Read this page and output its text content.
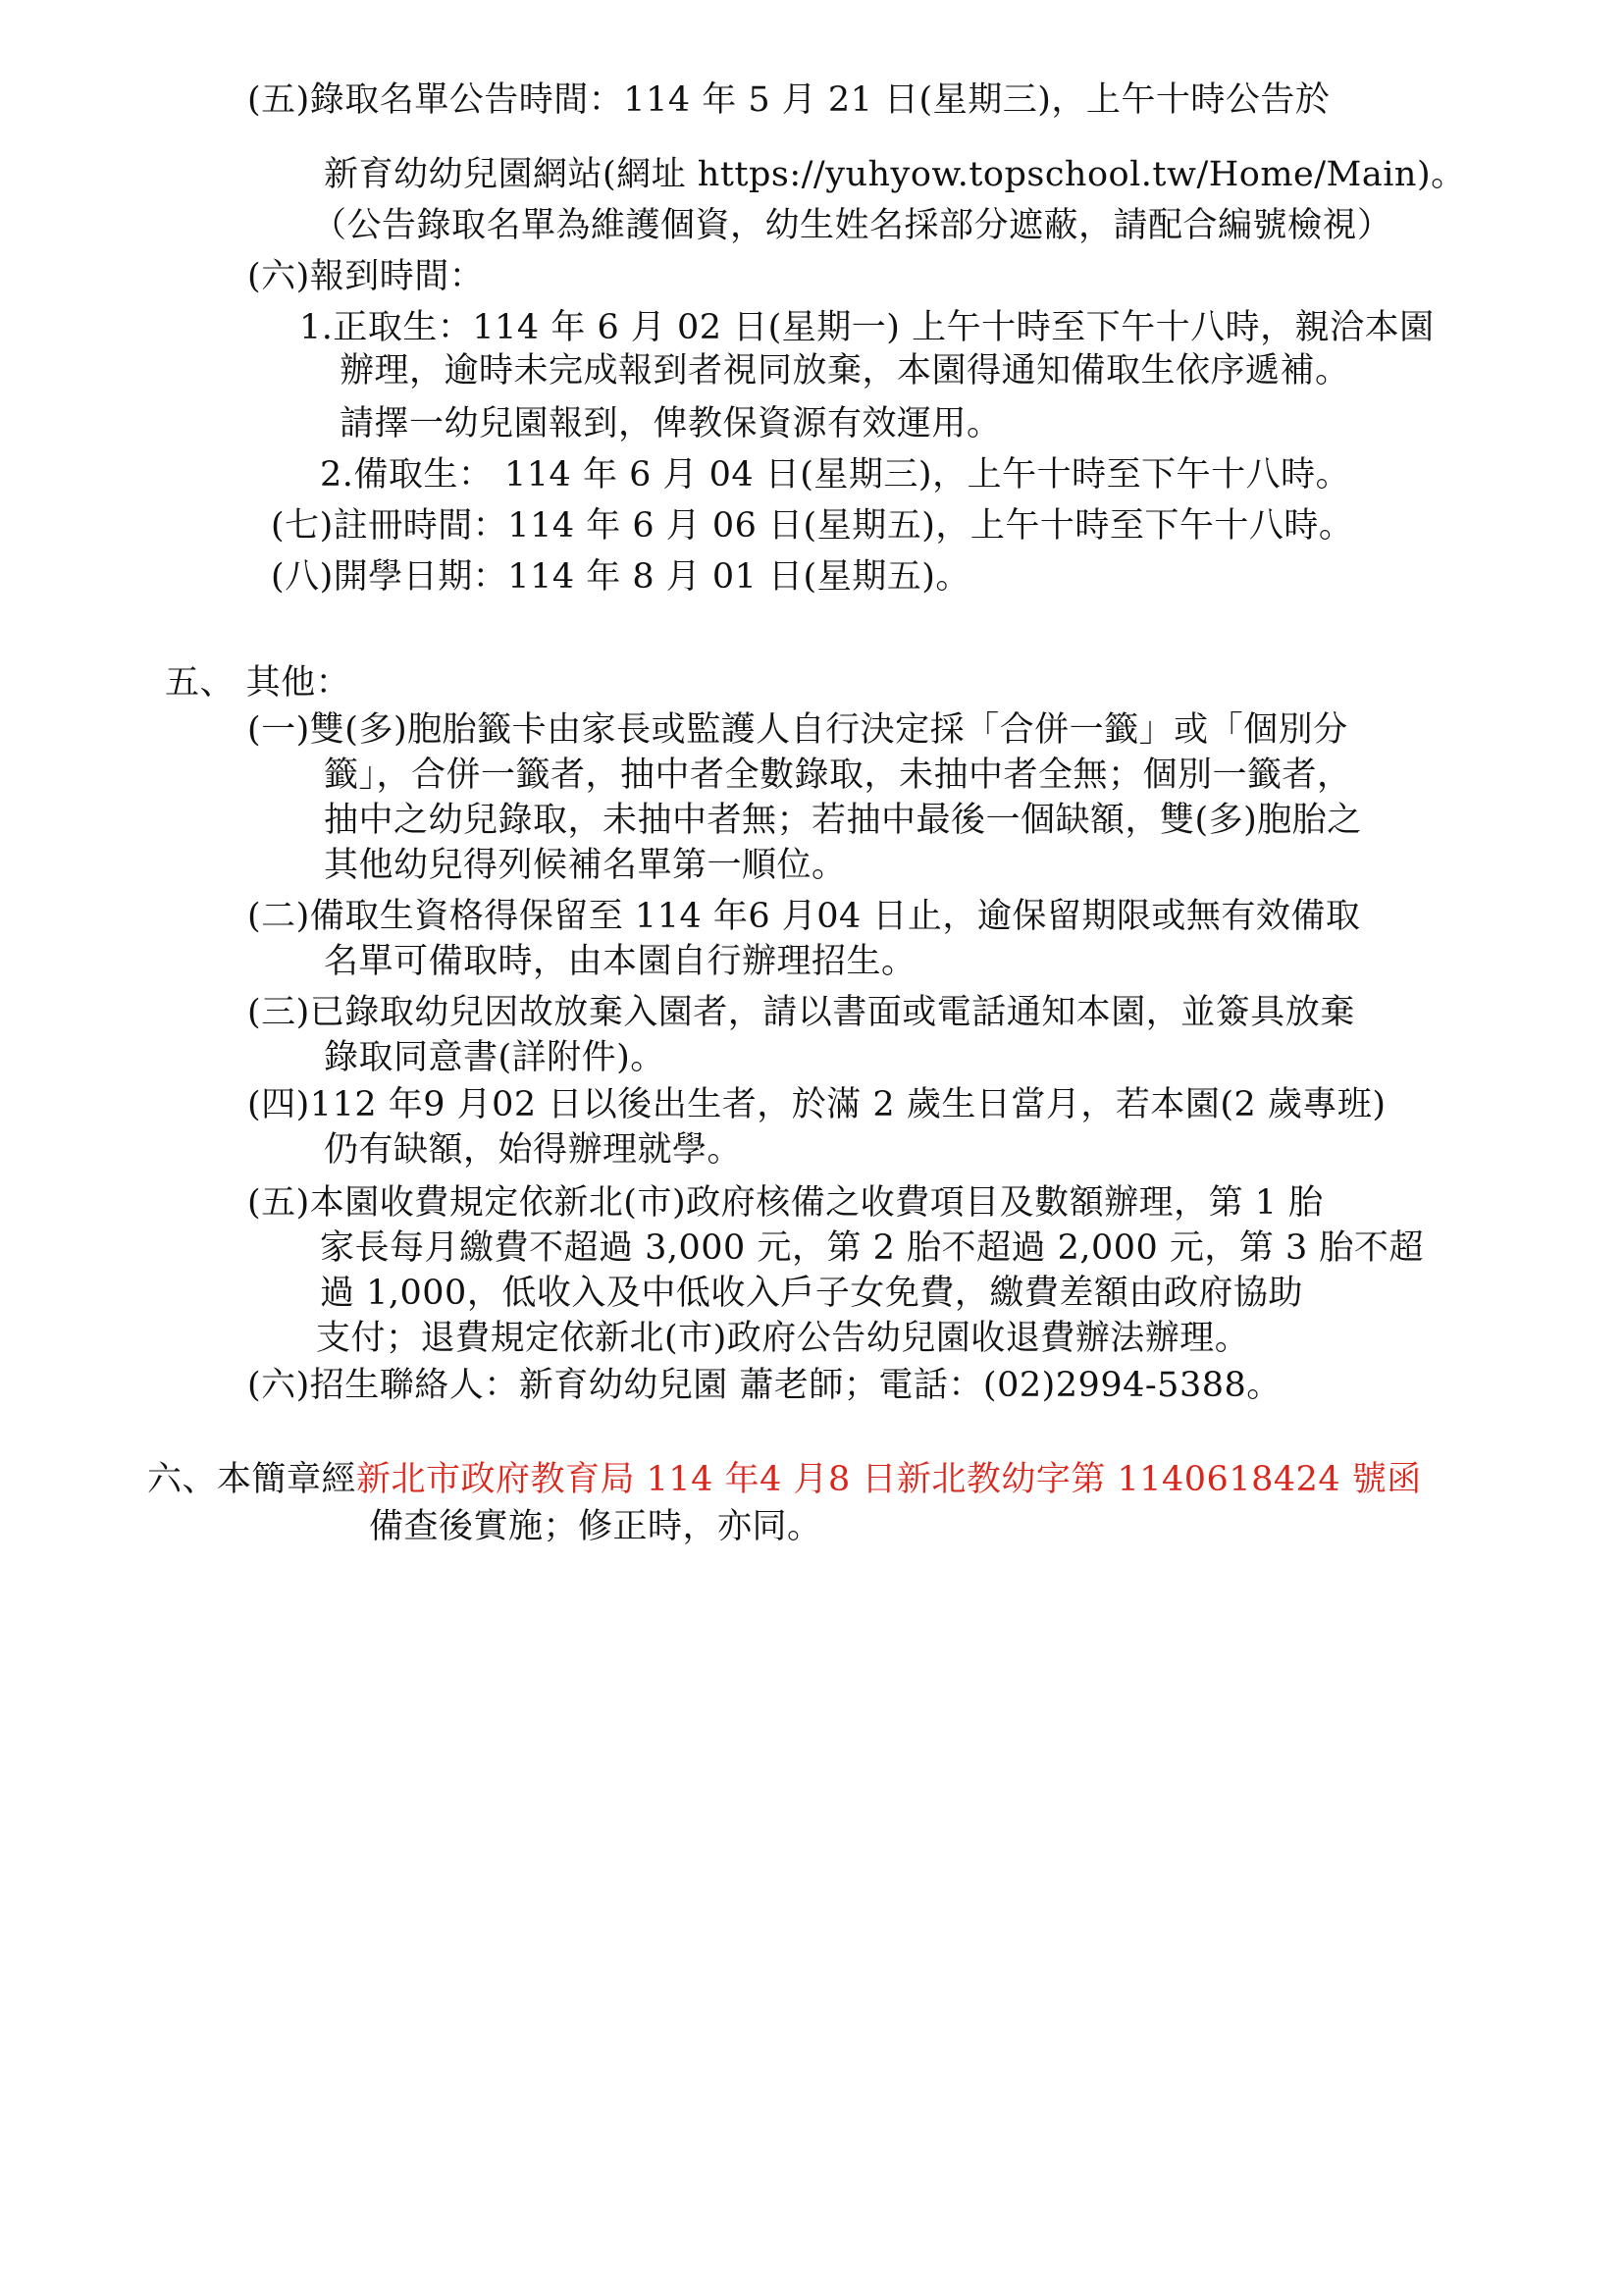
(五)錄取名單公告時間：114 年 5 月 21 日(星期三)，上午十時公告於
新育幼幼兒園網站(網址 https://yuhyow.topschool.tw/Home/Main)。
（公告錄取名單為維護個資，幼生姓名採部分遮蔽，請配合編號檢視）
(六)報到時間：
1.正取生：114 年 6 月 02 日(星期一) 上午十時至下午十八時，親洽本園
辦理，逾時未完成報到者視同放棄，本園得通知備取生依序遞補。
請擇一幼兒園報到，俾教保資源有效運用。
2.備取生： 114 年 6 月 04 日(星期三)，上午十時至下午十八時。
(七)註冊時間：114 年 6 月 06 日(星期五)，上午十時至下午十八時。
(八)開學日期：114 年 8 月 01 日(星期五)。
五、 其他：
(一)雙(多)胞胎籤卡由家長或監護人自行決定採「合併一籤」或「個別分
籤」，合併一籤者，抽中者全數錄取，未抽中者全無；個別一籤者，
抽中之幼兒錄取，未抽中者無；若抽中最後一個缺額，雙(多)胞胎之
其他幼兒得列候補名單第一順位。
(二)備取生資格得保留至 114 年6 月04 日止，逾保留期限或無有效備取
名單可備取時，由本園自行辦理招生。
(三)已錄取幼兒因故放棄入園者，請以書面或電話通知本園，並簽具放棄
錄取同意書(詳附件)。
(四)112 年9 月02 日以後出生者，於滿 2 歲生日當月，若本園(2 歲專班)
仍有缺額，始得辦理就學。
(五)本園收費規定依新北(市)政府核備之收費項目及數額辦理，第 1 胎
家長每月繳費不超過 3,000 元，第 2 胎不超過 2,000 元，第 3 胎不超
過 1,000，低收入及中低收入戶子女免費，繳費差額由政府協助
支付；退費規定依新北(市)政府公告幼兒園收退費辦法辦理。
(六)招生聯絡人：新育幼幼兒園 蕭老師；電話：(02)2994-5388。
六、本簡章經新北市政府教育局 114 年4 月8 日新北教幼字第 1140618424 號函
備查後實施；修正時，亦同。
